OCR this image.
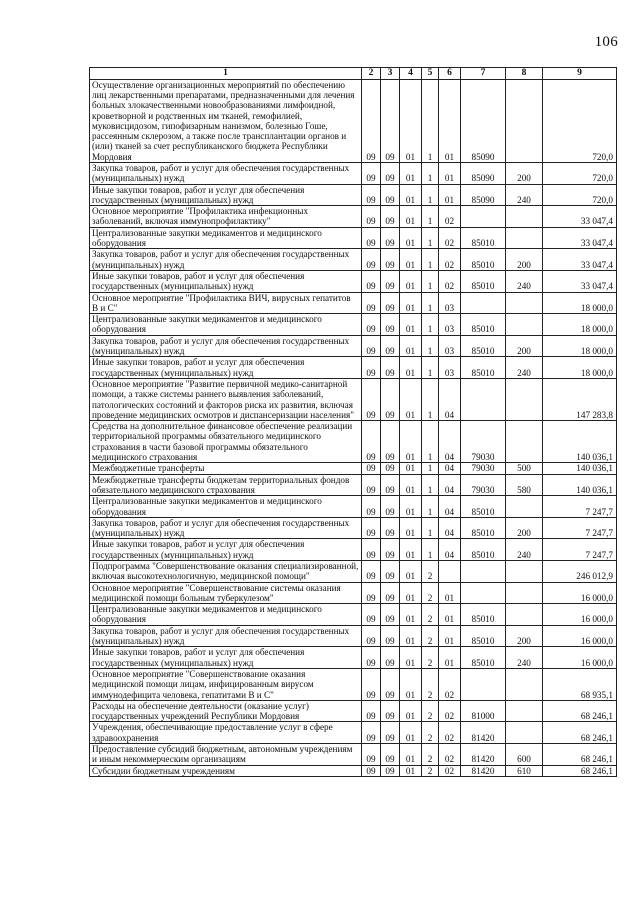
106
1	2	3	4	5	6	7	8	9
Осуществление организационных мероприятий по обеспечению лиц лекарственными препаратами, предназначенными для лечения больных злокачественными новообразованиями лимфоидной, кроветворной и родственных им тканей, гемофилией, муковисцидозом, гипофизарным нанизмом, болезнью Гоше, рассеянным склерозом, а также после трансплантации органов и (или) тканей за счет республиканского бюджета Республики Мордовия	09	09	01	1	01	85090		720,0
Закупка товаров, работ и услуг для обеспечения государственных (муниципальных) нужд	09	09	01	1	01	85090	200	720,0
Иные закупки товаров, работ и услуг для обеспечения государственных (муниципальных) нужд	09	09	01	1	01	85090	240	720,0
Основное мероприятие "Профилактика инфекционных заболеваний, включая иммунопрофилактику"	09	09	01	1	02			33 047,4
Централизованные закупки медикаментов и медицинского оборудования	09	09	01	1	02	85010		33 047,4
Закупка товаров, работ и услуг для обеспечения государственных (муниципальных) нужд	09	09	01	1	02	85010	200	33 047,4
Иные закупки товаров, работ и услуг для обеспечения государственных (муниципальных) нужд	09	09	01	1	02	85010	240	33 047,4
Основное мероприятие "Профилактика ВИЧ, вирусных гепатитов В и С"	09	09	01	1	03			18 000,0
Централизованные закупки медикаментов и медицинского оборудования	09	09	01	1	03	85010		18 000,0
Закупка товаров, работ и услуг для обеспечения государственных (муниципальных) нужд	09	09	01	1	03	85010	200	18 000,0
Иные закупки товаров, работ и услуг для обеспечения государственных (муниципальных) нужд	09	09	01	1	03	85010	240	18 000,0
Основное мероприятие "Развитие первичной медико-санитарной помощи, а также системы раннего выявления заболеваний, патологических состояний и факторов риска их развития, включая проведение медицинских осмотров и диспансеризации населения"	09	09	01	1	04			147 283,8
Средства на дополнительное финансовое обеспечение реализации территориальной программы обязательного медицинского страхования в части базовой программы обязательного медицинского страхования	09	09	01	1	04	79030		140 036,1
Межбюджетные трансферты	09	09	01	1	04	79030	500	140 036,1
Межбюджетные трансферты бюджетам территориальных фондов обязательного медицинского страхования	09	09	01	1	04	79030	580	140 036,1
Централизованные закупки медикаментов и медицинского оборудования	09	09	01	1	04	85010		7 247,7
Закупка товаров, работ и услуг для обеспечения государственных (муниципальных) нужд	09	09	01	1	04	85010	200	7 247,7
Иные закупки товаров, работ и услуг для обеспечения государственных (муниципальных) нужд	09	09	01	1	04	85010	240	7 247,7
Подпрограмма "Совершенствование оказания специализированной, включая высокотехнологичную, медицинской помощи"	09	09	01	2				246 012,9
Основное мероприятие "Совершенствование системы оказания медицинской помощи больным туберкулезом"	09	09	01	2	01			16 000,0
Централизованные закупки медикаментов и медицинского оборудования	09	09	01	2	01	85010		16 000,0
Закупка товаров, работ и услуг для обеспечения государственных (муниципальных) нужд	09	09	01	2	01	85010	200	16 000,0
Иные закупки товаров, работ и услуг для обеспечения государственных (муниципальных) нужд	09	09	01	2	01	85010	240	16 000,0
Основное мероприятие "Совершенствование оказания медицинской помощи лицам, инфицированным вирусом иммунодефицита человека, гепатитами В и С"	09	09	01	2	02			68 935,1
Расходы на обеспечение деятельности (оказание услуг) государственных учреждений Республики Мордовия	09	09	01	2	02	81000		68 246,1
Учреждения, обеспечивающие предоставление услуг в сфере здравоохранения	09	09	01	2	02	81420		68 246,1
Предоставление субсидий бюджетным, автономным учреждениям и иным некоммерческим организациям	09	09	01	2	02	81420	600	68 246,1
Субсидии бюджетным учреждениям	09	09	01	2	02	81420	610	68 246,1
